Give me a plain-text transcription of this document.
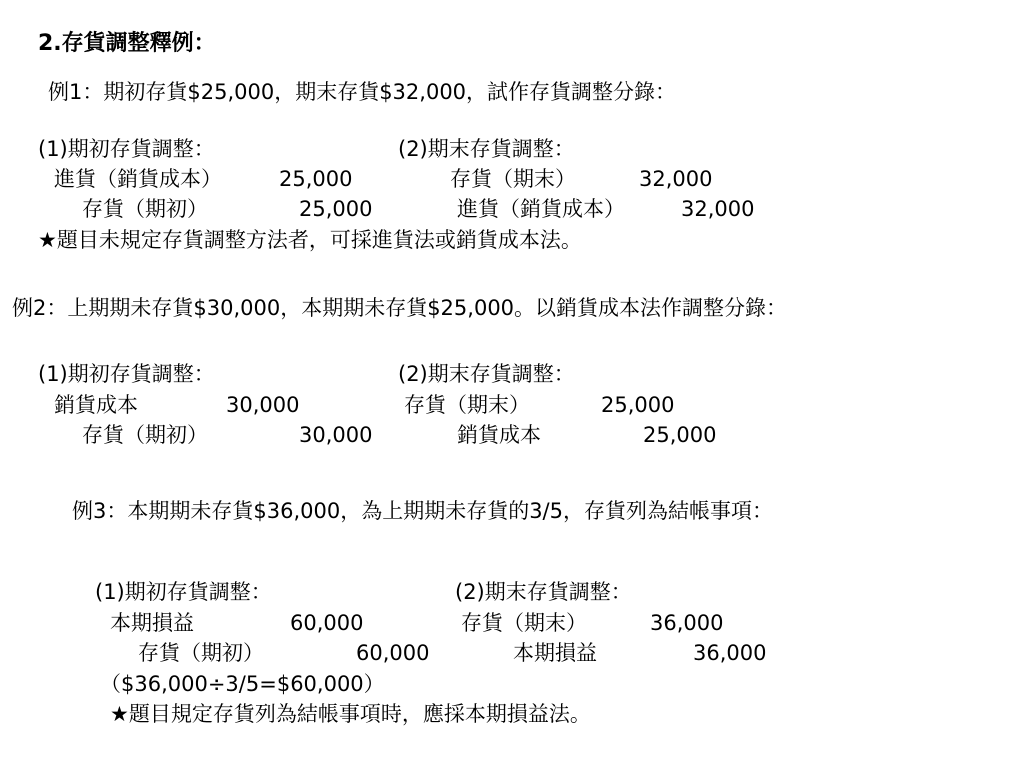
2.存貨調整釋例：
例1：期初存貨$25,000，期末存貨$32,000，試作存貨調整分錄：
(1)期初存貨調整：
進貨（銷貨成本）	25,000
存貨（期初）	25,000
(2)期末存貨調整：
存貨（期末）	32,000
進貨（銷貨成本）	32,000
★題目未規定存貨調整方法者，可採進貨法或銷貨成本法。
例2：上期期未存貨$30,000，本期期未存貨$25,000。以銷貨成本法作調整分錄：
(1)期初存貨調整：
銷貨成本	30,000
存貨（期初）	30,000
(2)期末存貨調整：
存貨（期末）	25,000
銷貨成本	25,000
例3：本期期未存貨$36,000，為上期期未存貨的3/5，存貨列為結帳事項：
(1)期初存貨調整：
本期損益	60,000
存貨（期初）	60,000
(2)期末存貨調整：
存貨（期末）	36,000
本期損益	36,000
（$36,000÷3/5=$60,000）
★題目規定存貨列為結帳事項時，應採本期損益法。
